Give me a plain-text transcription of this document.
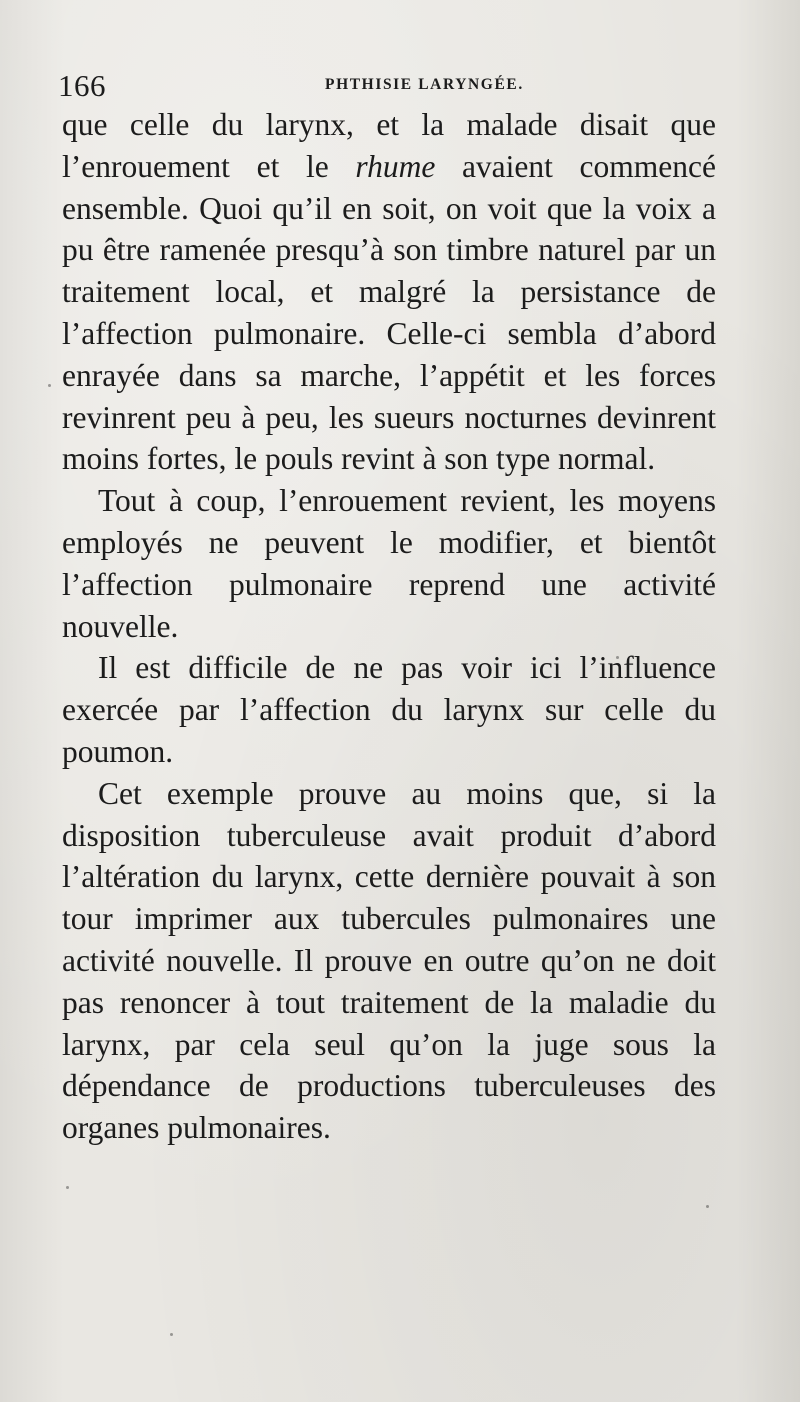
166	PHTHISIE LARYNGÉE.

que celle du larynx, et la malade disait que l’enrouement et le rhume avaient commencé ensemble. Quoi qu’il en soit, on voit que la voix a pu être ramenée presqu’à son timbre naturel par un traitement local, et malgré la persistance de l’affection pulmonaire. Celle-ci sembla d’abord enrayée dans sa marche, l’appétit et les forces revinrent peu à peu, les sueurs nocturnes devinrent moins fortes, le pouls revint à son type normal.

Tout à coup, l’enrouement revient, les moyens employés ne peuvent le modifier, et bientôt l’affection pulmonaire reprend une activité nouvelle.

Il est difficile de ne pas voir ici l’influence exercée par l’affection du larynx sur celle du poumon.

Cet exemple prouve au moins que, si la disposition tuberculeuse avait produit d’abord l’altération du larynx, cette dernière pouvait à son tour imprimer aux tubercules pulmonaires une activité nouvelle. Il prouve en outre qu’on ne doit pas renoncer à tout traitement de la maladie du larynx, par cela seul qu’on la juge sous la dépendance de productions tuberculeuses des organes pulmonaires.
